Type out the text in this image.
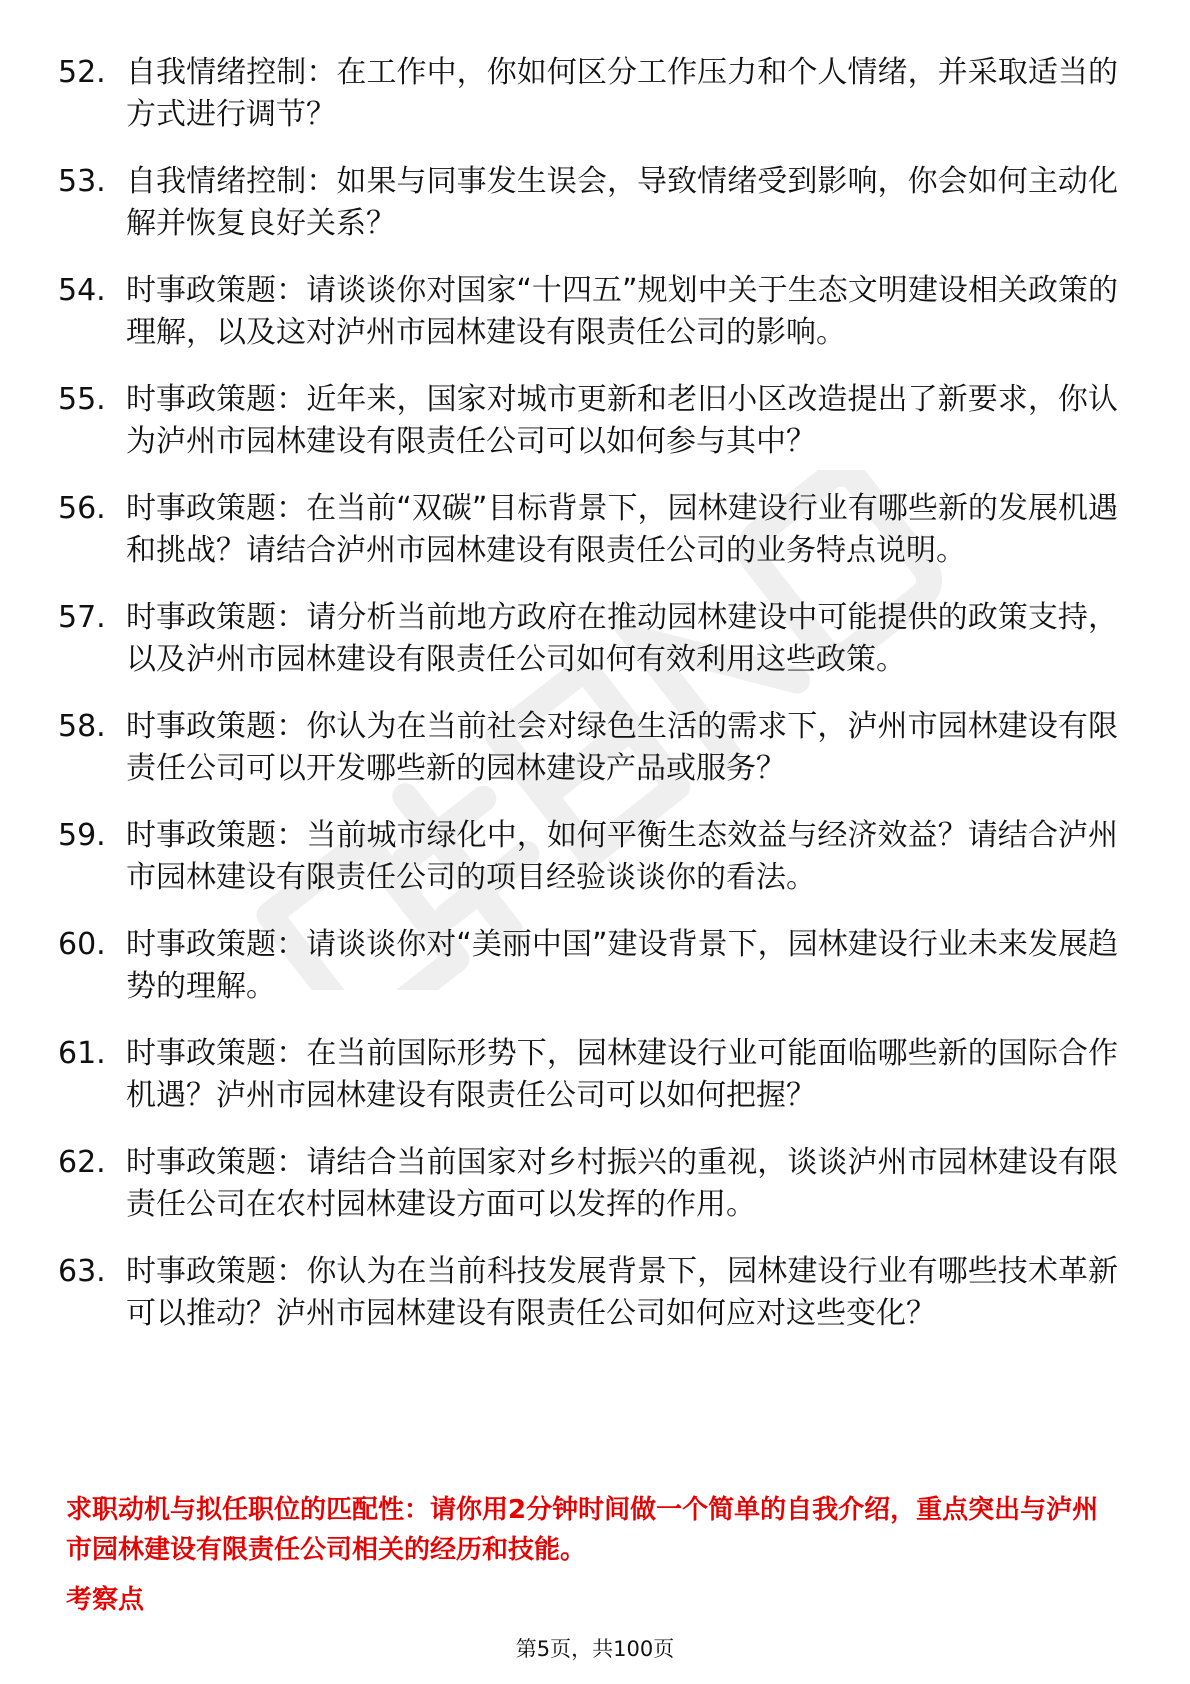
52. 自我情绪控制：在工作中，你如何区分工作压力和个人情绪，并采取适当的方式进行调节？
53. 自我情绪控制：如果与同事发生误会，导致情绪受到影响，你会如何主动化解并恢复良好关系？
54. 时事政策题：请谈谈你对国家“十四五”规划中关于生态文明建设相关政策的理解，以及这对泸州市园林建设有限责任公司的影响。
55. 时事政策题：近年来，国家对城市更新和老旧小区改造提出了新要求，你认为泸州市园林建设有限责任公司可以如何参与其中？
56. 时事政策题：在当前“双碳”目标背景下，园林建设行业有哪些新的发展机遇和挑战？请结合泸州市园林建设有限责任公司的业务特点说明。
57. 时事政策题：请分析当前地方政府在推动园林建设中可能提供的政策支持，以及泸州市园林建设有限责任公司如何有效利用这些政策。
58. 时事政策题：你认为在当前社会对绿色生活的需求下，泸州市园林建设有限责任公司可以开发哪些新的园林建设产品或服务？
59. 时事政策题：当前城市绿化中，如何平衡生态效益与经济效益？请结合泸州市园林建设有限责任公司的项目经验谈谈你的看法。
60. 时事政策题：请谈谈你对“美丽中国”建设背景下，园林建设行业未来发展趋势的理解。
61. 时事政策题：在当前国际形势下，园林建设行业可能面临哪些新的国际合作机遇？泸州市园林建设有限责任公司可以如何把握？
62. 时事政策题：请结合当前国家对乡村振兴的重视，谈谈泸州市园林建设有限责任公司在农村园林建设方面可以发挥的作用。
63. 时事政策题：你认为在当前科技发展背景下，园林建设行业有哪些技术革新可以推动？泸州市园林建设有限责任公司如何应对这些变化？
求职动机与拟任职位的匹配性：请你用2分钟时间做一个简单的自我介绍，重点突出与泸州市园林建设有限责任公司相关的经历和技能。
考察点
第5页，共100页
